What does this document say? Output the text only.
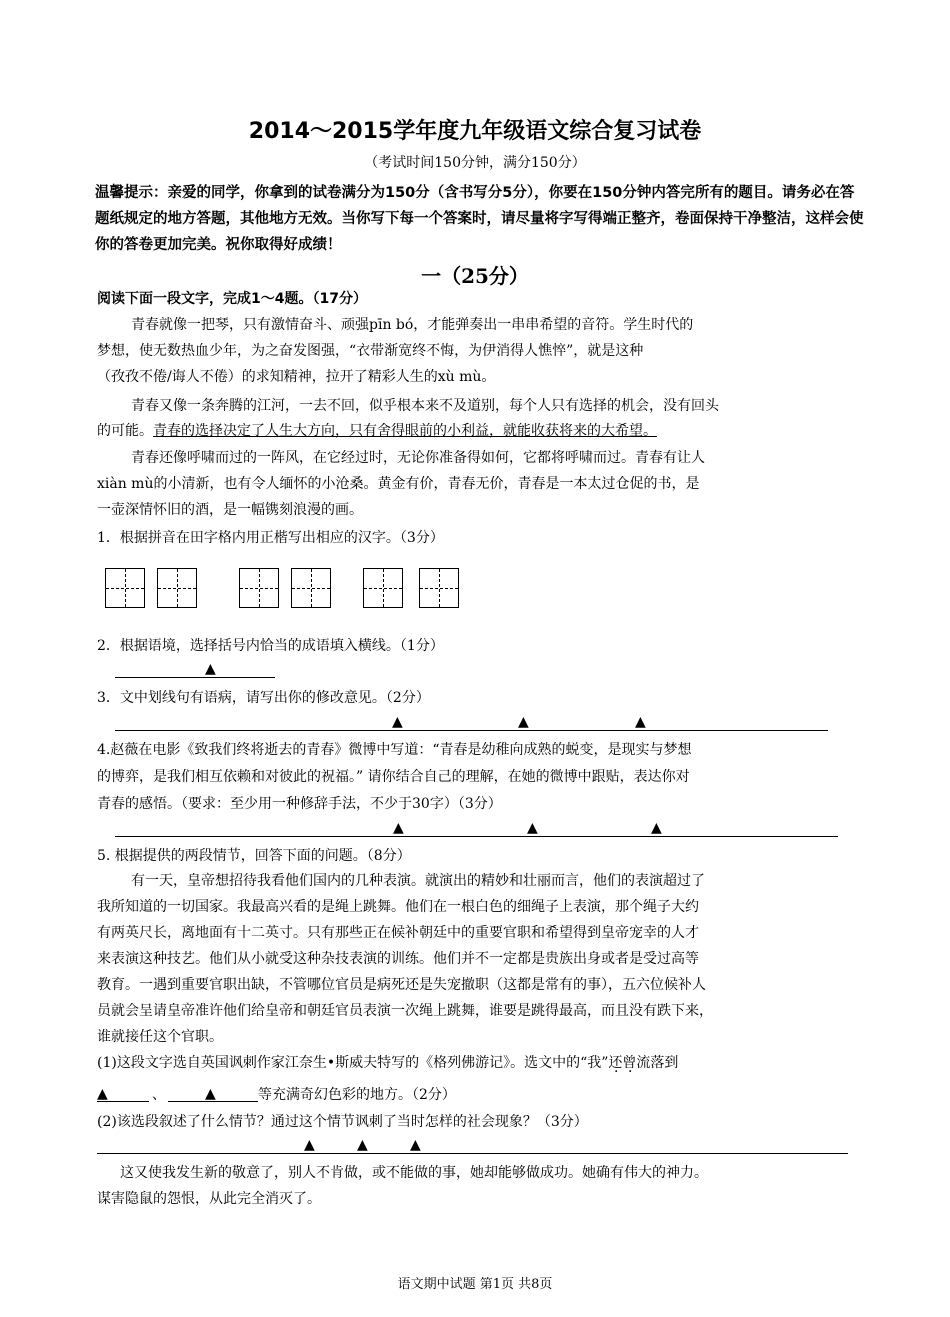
2014～2015学年度九年级语文综合复习试卷
（考试时间150分钟，满分150分）
温馨提示：亲爱的同学，你拿到的试卷满分为150分（含书写分5分），你要在150分钟内答完所有的题目。请务必在答题纸规定的地方答题，其他地方无效。当你写下每一个答案时，请尽量将字写得端正整齐，卷面保持干净整洁，这样会使你的答卷更加完美。祝你取得好成绩！
一（25分）
阅读下面一段文字，完成1～4题。（17分）
青春就像一把琴，只有激情奋斗、顽强pīn bó，才能弹奏出一串串希望的音符。学生时代的
梦想，使无数热血少年，为之奋发图强，“衣带渐宽终不悔，为伊消得人憔悴”，就是这种
（孜孜不倦/诲人不倦）的求知精神，拉开了精彩人生的xù mù。
青春又像一条奔腾的江河，一去不回，似乎根本来不及道别，每个人只有选择的机会，没有回头
的可能。青春的选择决定了人生大方向，只有舍得眼前的小利益，就能收获将来的大希望。
青春还像呼啸而过的一阵风，在它经过时，无论你准备得如何，它都将呼啸而过。青春有让人
xiàn mù的小清新，也有令人缅怀的小沧桑。黄金有价，青春无价，青春是一本太过仓促的书，是
一壶深情怀旧的酒，是一幅镌刻浪漫的画。
1．根据拼音在田字格内用正楷写出相应的汉字。（3分）
2．根据语境，选择括号内恰当的成语填入横线。（1分）
▲
3．文中划线句有语病，请写出你的修改意见。（2分）
▲	▲	▲
4.赵薇在电影《致我们终将逝去的青春》微博中写道：“青春是幼稚向成熟的蜕变，是现实与梦想
的博弈，是我们相互依赖和对彼此的祝福。” 请你结合自己的理解，在她的微博中跟贴，表达你对
青春的感悟。（要求：至少用一种修辞手法，不少于30字）（3分）
▲	▲	▲
5. 根据提供的两段情节，回答下面的问题。（8分）
有一天，皇帝想招待我看他们国内的几种表演。就演出的精妙和壮丽而言，他们的表演超过了
我所知道的一切国家。我最高兴看的是绳上跳舞。他们在一根白色的细绳子上表演，那个绳子大约
有两英尺长，离地面有十二英寸。只有那些正在候补朝廷中的重要官职和希望得到皇帝宠幸的人才
来表演这种技艺。他们从小就受这种杂技表演的训练。他们并不一定都是贵族出身或者是受过高等
教育。一遇到重要官职出缺，不管哪位官员是病死还是失宠撤职（这都是常有的事），五六位候补人
员就会呈请皇帝准许他们给皇帝和朝廷官员表演一次绳上跳舞，谁要是跳得最高，而且没有跌下来，
谁就接任这个官职。
(1)这段文字选自英国讽刺作家江奈生•斯威夫特写的《格列佛游记》。选文中的“我”还曾流落到
▲	、	▲	等充满奇幻色彩的地方。（2分）
(2)该选段叙述了什么情节？通过这个情节讽刺了当时怎样的社会现象？（3分）
▲	▲	▲
这又使我发生新的敬意了，别人不肯做，或不能做的事，她却能够做成功。她确有伟大的神力。
谋害隐鼠的怨恨，从此完全消灭了。
语文期中试题 第1页 共8页
